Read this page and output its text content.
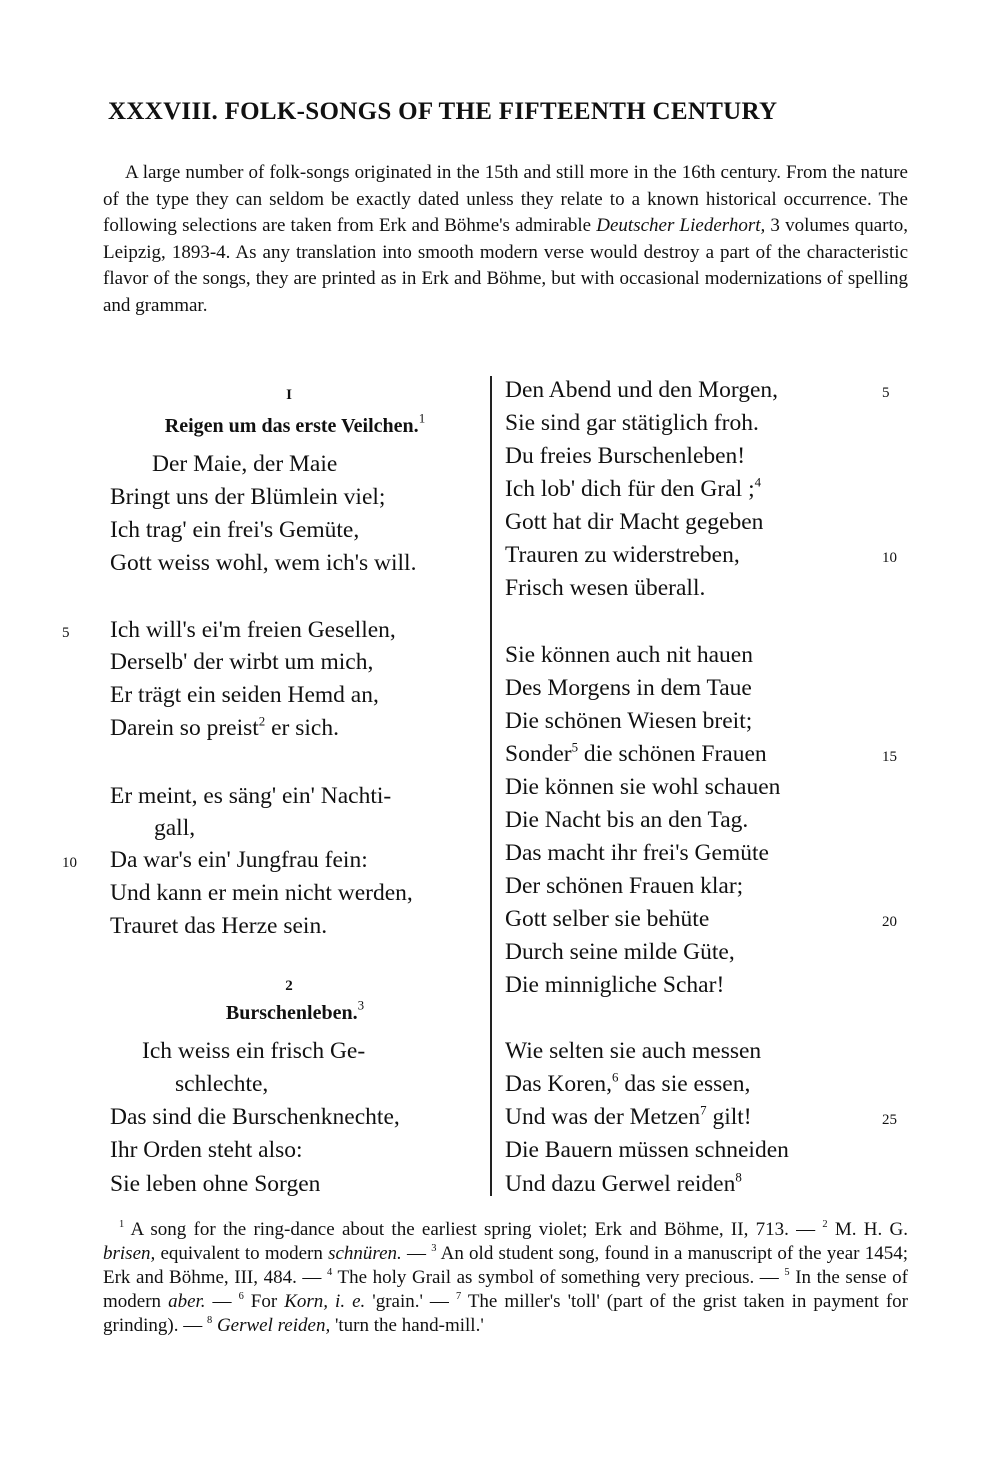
XXXVIII. FOLK-SONGS OF THE FIFTEENTH CENTURY
A large number of folk-songs originated in the 15th and still more in the 16th century. From the nature of the type they can seldom be exactly dated unless they relate to a known historical occurrence. The following selections are taken from Erk and Böhme's admirable Deutscher Liederhort, 3 volumes quarto, Leipzig, 1893-4. As any translation into smooth modern verse would destroy a part of the characteristic flavor of the songs, they are printed as in Erk and Böhme, but with occasional modernizations of spelling and grammar.
I
Reigen um das erste Veilchen.$^1$
Der Maie, der Maie
Bringt uns der Blümlein viel;
Ich trag' ein frei's Gemüte,
Gott weiss wohl, wem ich's will.
Ich will's ei'm freien Gesellen,
5
Derselb' der wirbt um mich,
Er trägt ein seiden Hemd an,
Darein so preist$^2$ er sich.
Er meint, es säng' ein' Nachti-
gall,
Da war's ein' Jungfrau fein:
10
Und kann er mein nicht werden,
Trauret das Herze sein.
2
Burschenleben.$^3$
Ich weiss ein frisch Ge-
schlechte,
Das sind die Burschenknechte,
Ihr Orden steht also:
Sie leben ohne Sorgen
Den Abend und den Morgen,	5
Sie sind gar stätiglich froh.
Du freies Burschenleben!
Ich lob' dich für den Gral ;$^4$
Gott hat dir Macht gegeben
Trauren zu widerstreben,	10
Frisch wesen überall.
Sie können auch nit hauen
Des Morgens in dem Taue
Die schönen Wiesen breit;
Sonder$^5$ die schönen Frauen	15
Die können sie wohl schauen
Die Nacht bis an den Tag.
Das macht ihr frei's Gemüte
Der schönen Frauen klar;
Gott selber sie behüte	20
Durch seine milde Güte,
Die minnigliche Schar!
Wie selten sie auch messen
Das Koren,$^6$ das sie essen,
Und was der Metzen$^7$ gilt!	25
Die Bauern müssen schneiden
Und dazu Gerwel reiden$^8$
$^1$ A song for the ring-dance about the earliest spring violet; Erk and Böhme, II, 713. — $^2$ M. H. G. brisen, equivalent to modern schnüren. — $^3$ An old student song, found in a manuscript of the year 1454; Erk and Böhme, III, 484. — $^4$ The holy Grail as symbol of something very precious. — $^5$ In the sense of modern aber. — $^6$ For Korn, i. e. 'grain.' — $^7$ The miller's 'toll' (part of the grist taken in payment for grinding). — $^8$ Gerwel reiden, 'turn the hand-mill.'
